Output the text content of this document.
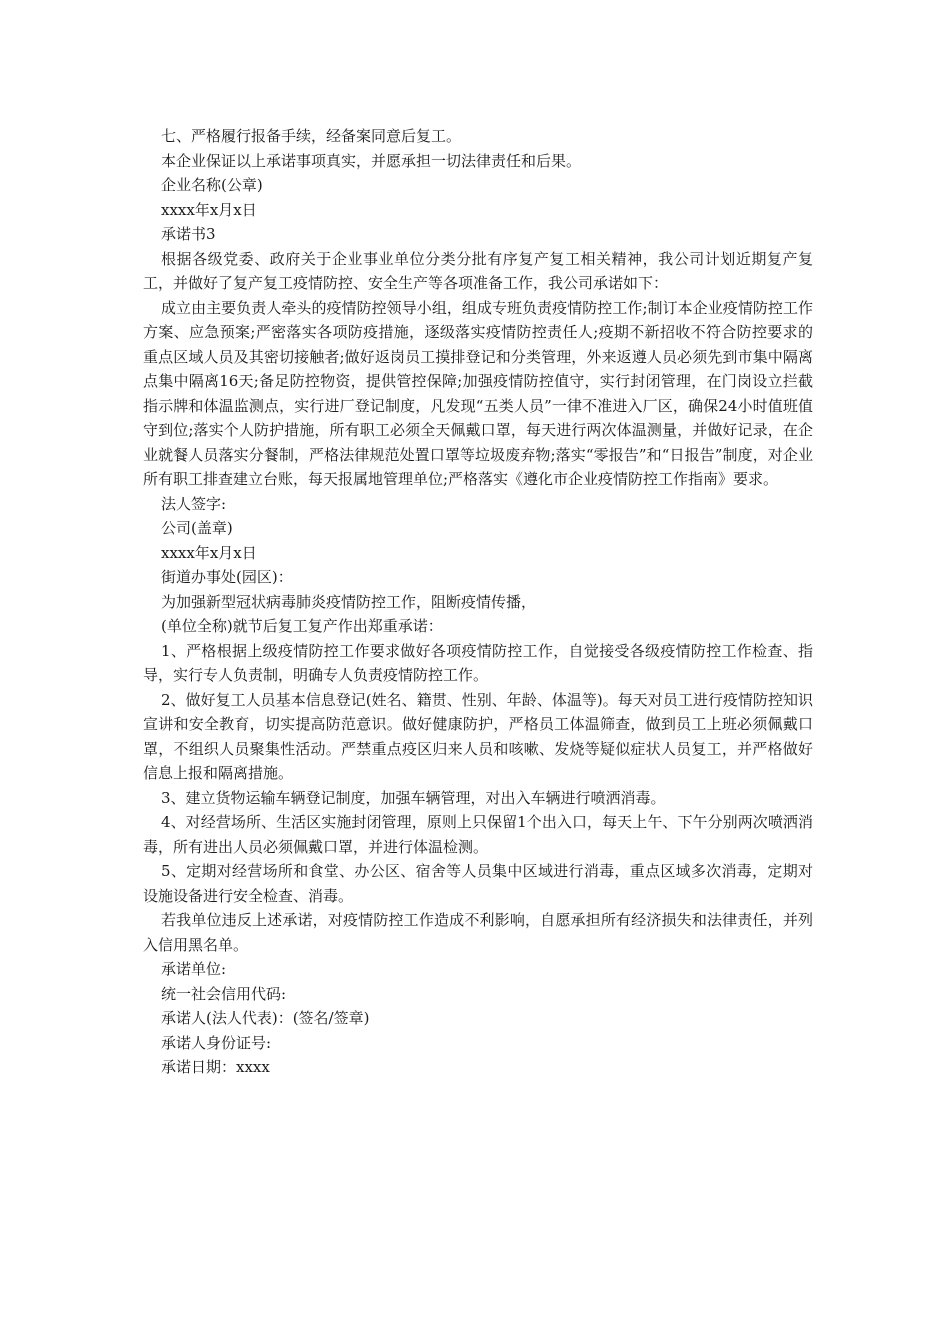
七、严格履行报备手续，经备案同意后复工。

本企业保证以上承诺事项真实，并愿承担一切法律责任和后果。

企业名称(公章)

xxxx年x月x日

承诺书3

根据各级党委、政府关于企业事业单位分类分批有序复产复工相关精神，我公司计划近期复产复工，并做好了复产复工疫情防控、安全生产等各项准备工作，我公司承诺如下：

成立由主要负责人牵头的疫情防控领导小组，组成专班负责疫情防控工作;制订本企业疫情防控工作方案、应急预案;严密落实各项防疫措施，逐级落实疫情防控责任人;疫期不新招收不符合防控要求的重点区域人员及其密切接触者;做好返岗员工摸排登记和分类管理，外来返遵人员必须先到市集中隔离点集中隔离16天;备足防控物资，提供管控保障;加强疫情防控值守，实行封闭管理，在门岗设立拦截指示牌和体温监测点，实行进厂登记制度，凡发现“五类人员”一律不准进入厂区，确保24小时值班值守到位;落实个人防护措施，所有职工必须全天佩戴口罩，每天进行两次体温测量，并做好记录，在企业就餐人员落实分餐制，严格法律规范处置口罩等垃圾废弃物;落实“零报告”和“日报告”制度，对企业所有职工排查建立台账，每天报属地管理单位;严格落实《遵化市企业疫情防控工作指南》要求。

法人签字:

公司(盖章)

xxxx年x月x日

街道办事处(园区)：

为加强新型冠状病毒肺炎疫情防控工作，阻断疫情传播，

(单位全称)就节后复工复产作出郑重承诺：

1、严格根据上级疫情防控工作要求做好各项疫情防控工作，自觉接受各级疫情防控工作检查、指导，实行专人负责制，明确专人负责疫情防控工作。

2、做好复工人员基本信息登记(姓名、籍贯、性别、年龄、体温等)。每天对员工进行疫情防控知识宣讲和安全教育，切实提高防范意识。做好健康防护，严格员工体温筛查，做到员工上班必须佩戴口罩，不组织人员聚集性活动。严禁重点疫区归来人员和咳嗽、发烧等疑似症状人员复工，并严格做好信息上报和隔离措施。

3、建立货物运输车辆登记制度，加强车辆管理，对出入车辆进行喷洒消毒。

4、对经营场所、生活区实施封闭管理，原则上只保留1个出入口，每天上午、下午分别两次喷洒消毒，所有进出人员必须佩戴口罩，并进行体温检测。

5、定期对经营场所和食堂、办公区、宿舍等人员集中区域进行消毒，重点区域多次消毒，定期对设施设备进行安全检查、消毒。

若我单位违反上述承诺，对疫情防控工作造成不利影响，自愿承担所有经济损失和法律责任，并列入信用黑名单。

承诺单位:

统一社会信用代码:

承诺人(法人代表)：(签名/签章)

承诺人身份证号:

承诺日期：xxxx
